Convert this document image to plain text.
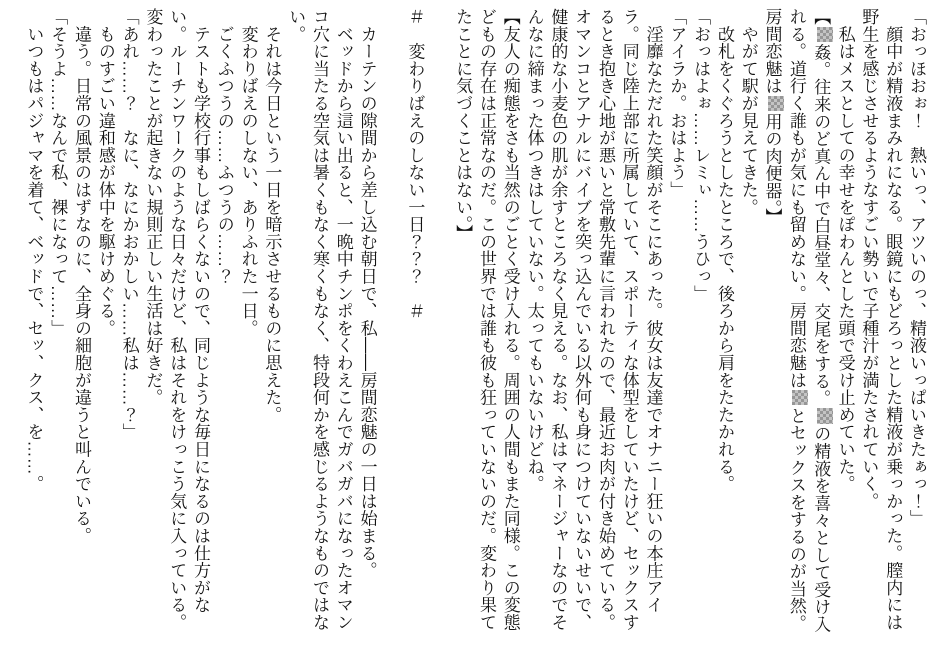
「おっほおぉ！　熱いっ、アツいのっ、精液いっぱいきたぁっ！」

　顔中が精液まみれになる。眼鏡にもどろっとした精液が乗っかった。膣内には野生を感じさせるようなすごい勢いで子種汁が満たされていく。

　私はメスとしての幸せをぽわんとした頭で受け止めていた。

【姦。往来のど真ん中で白昼堂々、交尾をする。の精液を喜々として受け入れる。道行く誰もが気にも留めない。房間恋魅はとセックスをするのが当然。房間恋魅は用の肉便器。】

　やがて駅が見えてきた。

　改札をくぐろうとしたところで、後ろから肩をたたかれる。

「おっはよぉ……レミぃ……うひっ」

「アイラか。おはよう」

　淫靡なただれた笑顔がそこにあった。彼女は友達でオナニー狂いの本庄アイラ。同じ陸上部に所属していて、スポーティな体型をしていたけど、セックスするとき抱き心地が悪いと常敷先輩に言われたので、最近お肉が付き始めている。オマンコとアナルにバイブを突っ込んでいる以外何も身につけていないせいで、健康的な小麦色の肌が余すところなく見える。なお、私はマネージャーなのでそんなに締まった体つきはしていない。太ってもいないけどね。

【友人の痴態をさも当然のごとく受け入れる。周囲の人間もまた同様。この変態どもの存在は正常なのだ。この世界では誰も彼も狂っていないのだ。変わり果てたことに気づくことはない。】

＃　変わりばえのしない一日？？？　＃

　カーテンの隙間から差し込む朝日で、私――房間恋魅の一日は始まる。

　ベッドから這い出ると、一晩中チンポをくわえこんでガバガバになったオマンコ穴に当たる空気は暑くもなく寒くもなく、特段何かを感じるようなものではない。

　それは今日という一日を暗示させるものに思えた。

　変わりばえのしない、ありふれた一日。

　ごくふつうの……ふつうの……？

　テストも学校行事もしばらくないので、同じような毎日になるのは仕方がない。ルーチンワークのような日々だけど、私はそれをけっこう気に入っている。変わったことが起きない規則正しい生活は好きだ。

「あれ……？　なに、なにかおかしい……私は……？」

　ものすごい違和感が体中を駆けめぐる。

　違う。日常の風景のはずなのに、全身の細胞が違うと叫んでいる。

「そうよ……なんで私、裸になって……」

　いつもはパジャマを着て、ベッドで、セッ、クス、を……。
